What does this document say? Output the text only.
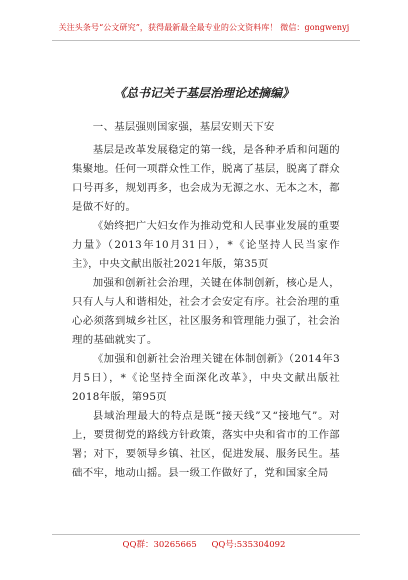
关注头条号“公文研究”，获得最新最全最专业的公文资料库！ 微信：gongwenyj
《总书记关于基层治理论述摘编》

一、基层强则国家强，基层安则天下安

基层是改革发展稳定的第一线，是各种矛盾和问题的集聚地。任何一项群众性工作，脱离了基层，脱离了群众口号再多，规划再多，也会成为无源之水、无本之木，都是做不好的。

《始终把广大妇女作为推动党和人民事业发展的重要力量》（2013年10月31日），*《论坚持人民当家作主》，中央文献出版社2021年版，第35页

加强和创新社会治理，关键在体制创新，核心是人，只有人与人和谐相处，社会才会安定有序。社会治理的重心必须落到城乡社区，社区服务和管理能力强了，社会治理的基础就实了。

《加强和创新社会治理关键在体制创新》（2014年3月5日），*《论坚持全面深化改革》，中央文献出版社2018年版，第95页

县域治理最大的特点是既“接天线”又“接地气”。对上，要贯彻党的路线方针政策，落实中央和省市的工作部署；对下，要领导乡镇、社区，促进发展、服务民生。基础不牢，地动山摇。县一级工作做好了，党和国家全局

QQ群：30265665 QQ号:535304092
